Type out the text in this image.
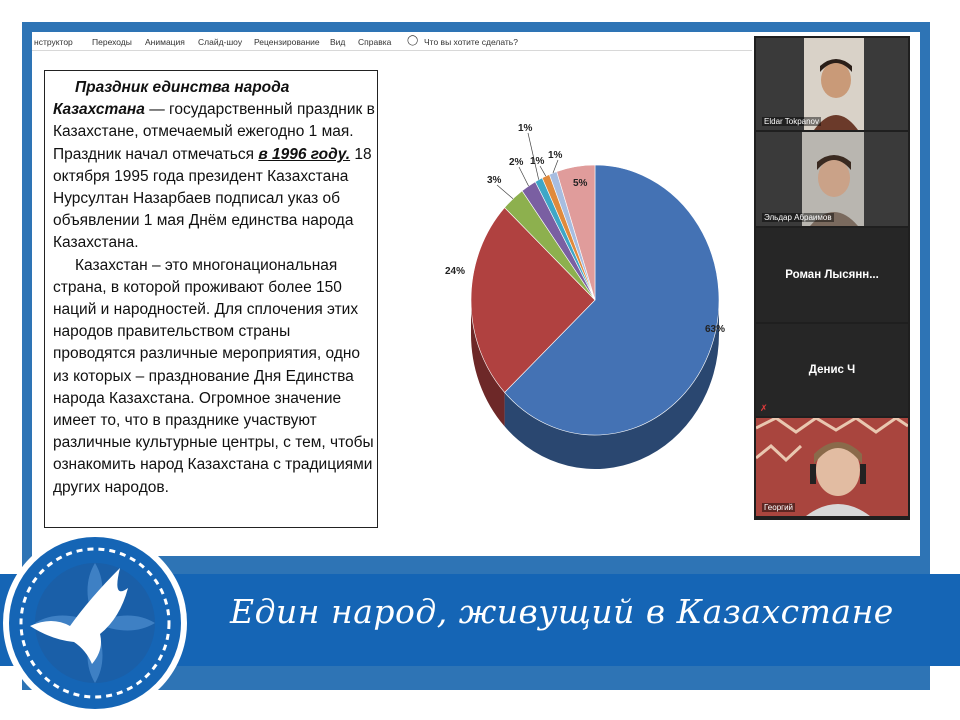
нструктор Переходы Анимация Слайд-шоу Рецензирование Вид Справка ◯ Что вы хотите сделать?
Праздник единства народа Казахстана — государственный праздник в Казахстане, отмечаемый ежегодно 1 мая. Праздник начал отмечаться в 1996 году. 18 октября 1995 года президент Казахстана Нурсултан Назарбаев подписал указ об объявлении 1 мая Днём единства народа Казахстана.
Казахстан – это многонациональная страна, в которой проживают более 150 наций и народностей. Для сплочения этих народов правительством страны проводятся различные мероприятия, одно из которых – празднование Дня Единства народа Казахстана. Огромное значение имеет то, что в празднике участвуют различные культурные центры, с тем, чтобы ознакомить народ Казахстана с традициями других народов.
63%
24%
3%
2%
1%
1%
1%
5%
Eldar Tokpanov
Эльдар Абраимов
Роман Лысянн...
Денис Ч
✗
Георгий
Един народ, живущий в Казахстане
